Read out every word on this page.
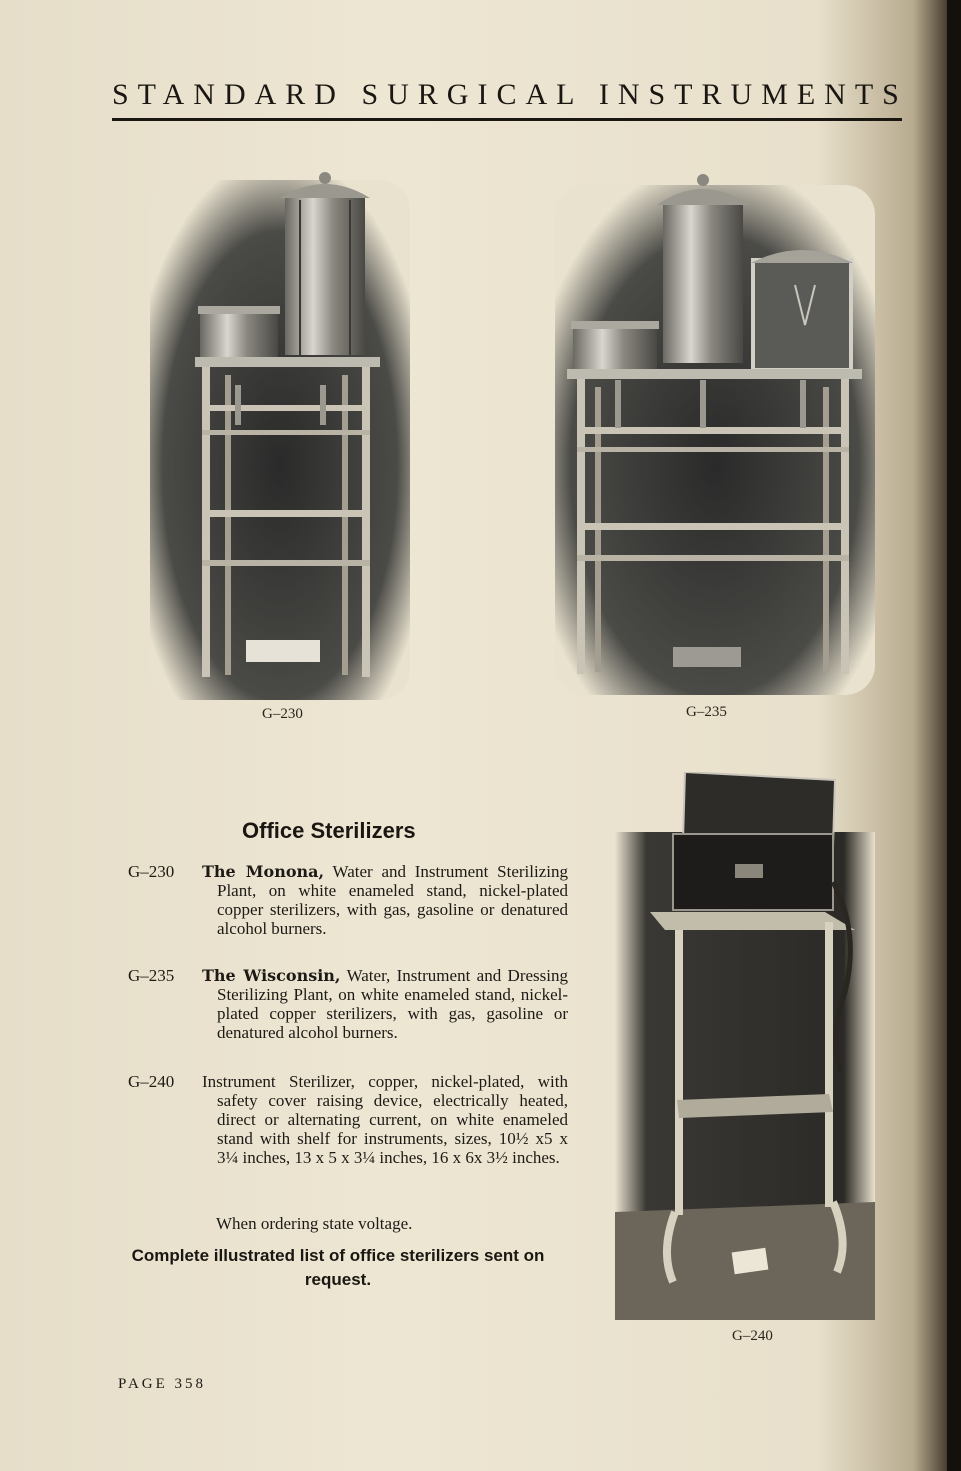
STANDARD SURGICAL INSTRUMENTS
G–230	G–235
G–240
Office Sterilizers
G–230	The Monona, Water and Instrument Sterilizing Plant, on white enameled stand, nickel-plated copper sterilizers, with gas, gasoline or denatured alcohol burners.
G–235	The Wisconsin, Water, Instrument and Dressing Sterilizing Plant, on white enameled stand, nickel-plated copper sterilizers, with gas, gasoline or denatured alcohol burners.
G–240	Instrument Sterilizer, copper, nickel-plated, with safety cover raising device, electrically heated, direct or alternating current, on white enameled stand with shelf for instruments, sizes, 10½ x5 x 3¼ inches, 13 x 5 x 3¼ inches, 16 x 6x 3½ inches.
When ordering state voltage.
Complete illustrated list of office sterilizers sent on request.
PAGE 358
